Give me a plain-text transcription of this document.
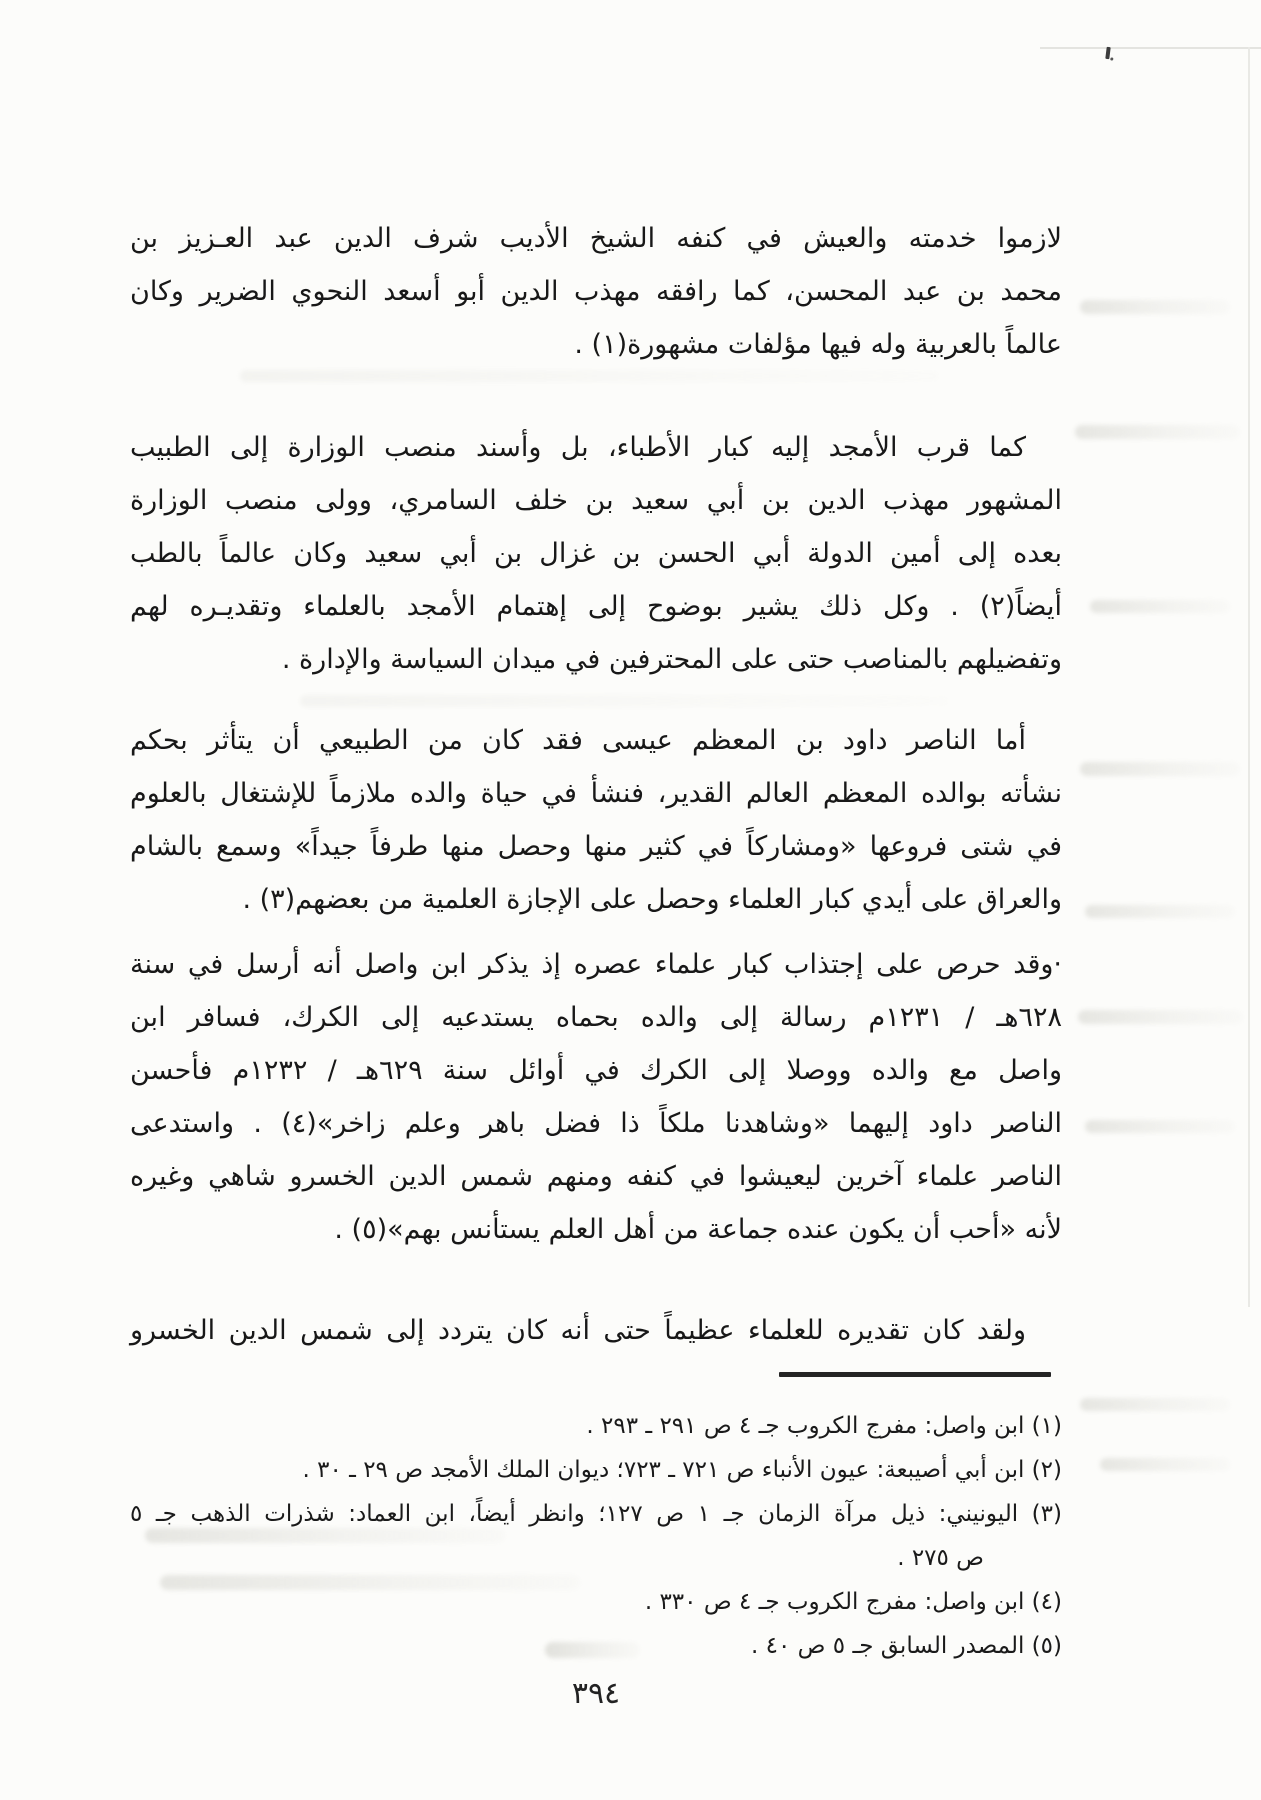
لازموا خدمته والعيش في كنفه الشيخ الأديب شرف الدين عبد العـزيز بن
محمد بن عبد المحسن، كما رافقه مهذب الدين أبو أسعد النحوي الضرير وكان
عالماً بالعربية وله فيها مؤلفات مشهورة(١) .
كما قرب الأمجد إليه كبار الأطباء، بل وأسند منصب الوزارة إلى الطبيب
المشهور مهذب الدين بن أبي سعيد بن خلف السامري، وولى منصب الوزارة
بعده إلى أمين الدولة أبي الحسن بن غزال بن أبي سعيد وكان عالماً بالطب
أيضاً(٢) . وكل ذلك يشير بوضوح إلى إهتمام الأمجد بالعلماء وتقديـره لهم
وتفضيلهم بالمناصب حتى على المحترفين في ميدان السياسة والإدارة .
أما الناصر داود بن المعظم عيسى فقد كان من الطبيعي أن يتأثر بحكم
نشأته بوالده المعظم العالم القدير، فنشأ في حياة والده ملازماً للإشتغال بالعلوم
في شتى فروعها «ومشاركاً في كثير منها وحصل منها طرفاً جيداً» وسمع بالشام
والعراق على أيدي كبار العلماء وحصل على الإجازة العلمية من بعضهم(٣) .
·وقد حرص على إجتذاب كبار علماء عصره إذ يذكر ابن واصل أنه أرسل في سنة
٦٢٨هـ / ١٢٣١م رسالة إلى والده بحماه يستدعيه إلى الكرك، فسافر ابن
واصل مع والده ووصلا إلى الكرك في أوائل سنة ٦٢٩هـ / ١٢٣٢م فأحسن
الناصر داود إليهما «وشاهدنا ملكاً ذا فضل باهر وعلم زاخر»(٤) . واستدعى
الناصر علماء آخرين ليعيشوا في كنفه ومنهم شمس الدين الخسرو شاهي وغيره
لأنه «أحب أن يكون عنده جماعة من أهل العلم يستأنس بهم»(٥) .
ولقد كان تقديره للعلماء عظيماً حتى أنه كان يتردد إلى شمس الدين الخسرو
(١) ابن واصل: مفرج الكروب جـ ٤ ص ٢٩١ ـ ٢٩٣ .
(٢) ابن أبي أصيبعة: عيون الأنباء ص ٧٢١ ـ ٧٢٣؛ ديوان الملك الأمجد ص ٢٩ ـ ٣٠ .
(٣) اليونيني: ذيل مرآة الزمان جـ ١ ص ١٢٧؛ وانظر أيضاً، ابن العماد: شذرات الذهب جـ ٥
ص ٢٧٥ .
(٤) ابن واصل: مفرج الكروب جـ ٤ ص ٣٣٠ .
(٥) المصدر السابق جـ ٥ ص ٤٠ .
٣٩٤
